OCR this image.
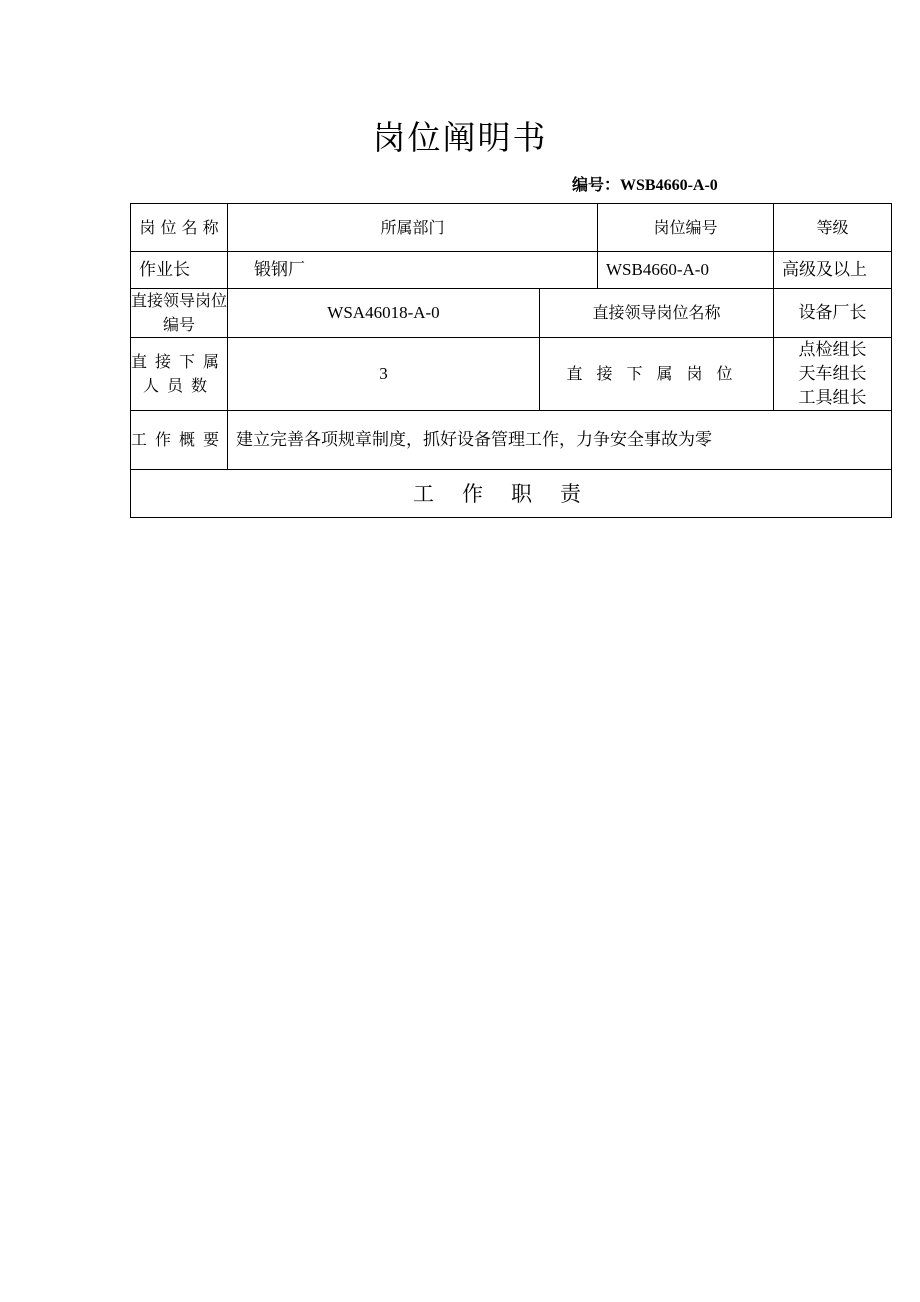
岗位阐明书
编号：WSB4660-A-0
岗 位 名 称	所属部门		岗位编号	等级
作业长	锻钢厂		WSB4660-A-0	高级及以上
直接领导岗位编号	WSA46018-A-0	直接领导岗位名称		设备厂长
直接下属人员数	3	直接下属岗位		点检组长
天车组长
工具组长

工作概要	建立完善各项规章制度，抓好设备管理工作，力争安全事故为零			
工作职责				
